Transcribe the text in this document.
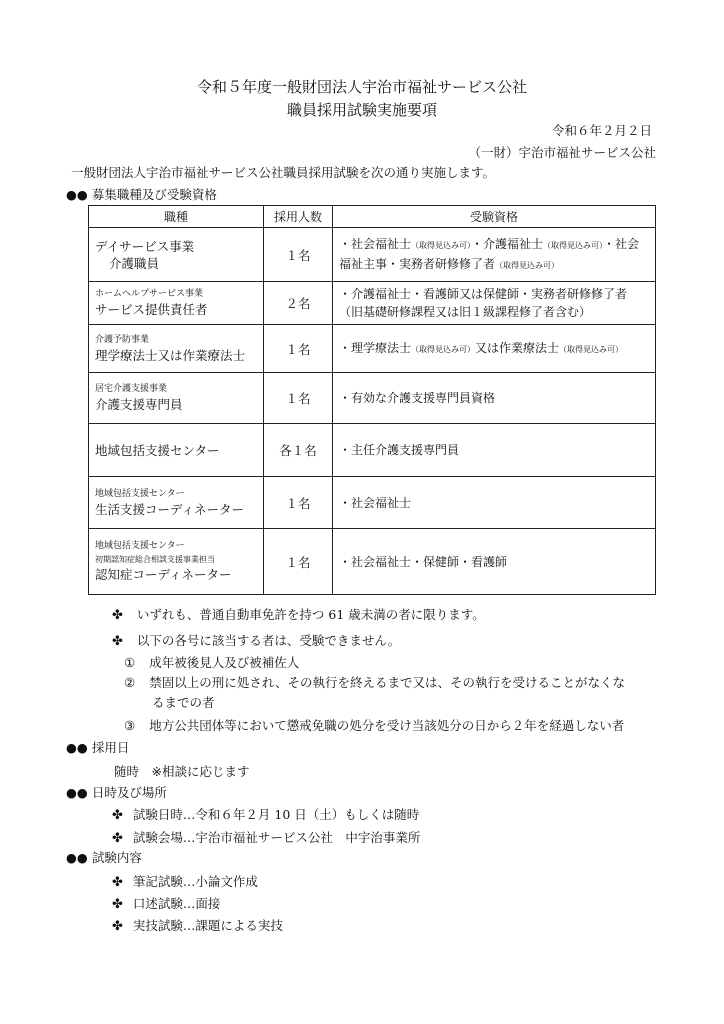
令和５年度一般財団法人宇治市福祉サービス公社
職員採用試験実施要項
令和６年２月２日
（一財）宇治市福祉サービス公社
一般財団法人宇治市福祉サービス公社職員採用試験を次の通り実施します。
●● 募集職種及び受験資格
職種	採用人数	受験資格

デイサービス事業
介護職員	１名	・社会福祉士（取得見込み可）・介護福祉士（取得見込み可）・社会福祉主事・実務者研修修了者（取得見込み可）

ホームヘルプサービス事業
サービス提供責任者	２名	・介護福祉士・看護師又は保健師・実務者研修修了者（旧基礎研修課程又は旧１級課程修了者含む）

介護予防事業
理学療法士又は作業療法士	１名	・理学療法士（取得見込み可）又は作業療法士（取得見込み可）

居宅介護支援事業
介護支援専門員	１名	・有効な介護支援専門員資格

地域包括支援センター	各１名	・主任介護支援専門員

地域包括支援センター
生活支援コーディネーター	１名	・社会福祉士

地域包括支援センター
初期認知症総合相談支援事業担当
認知症コーディネーター	１名	・社会福祉士・保健師・看護師
✤ いずれも、普通自動車免許を持つ 61 歳未満の者に限ります。
✤ 以下の各号に該当する者は、受験できません。
① 成年被後見人及び被補佐人
② 禁固以上の刑に処され、その執行を終えるまで又は、その執行を受けることがなくな
るまでの者
③ 地方公共団体等において懲戒免職の処分を受け当該処分の日から２年を経過しない者
●● 採用日
随時　※相談に応じます
●● 日時及び場所
✤ 試験日時…令和６年２月 10 日（土）もしくは随時
✤ 試験会場…宇治市福祉サービス公社　中宇治事業所
●● 試験内容
✤ 筆記試験…小論文作成
✤ 口述試験…面接
✤ 実技試験…課題による実技
